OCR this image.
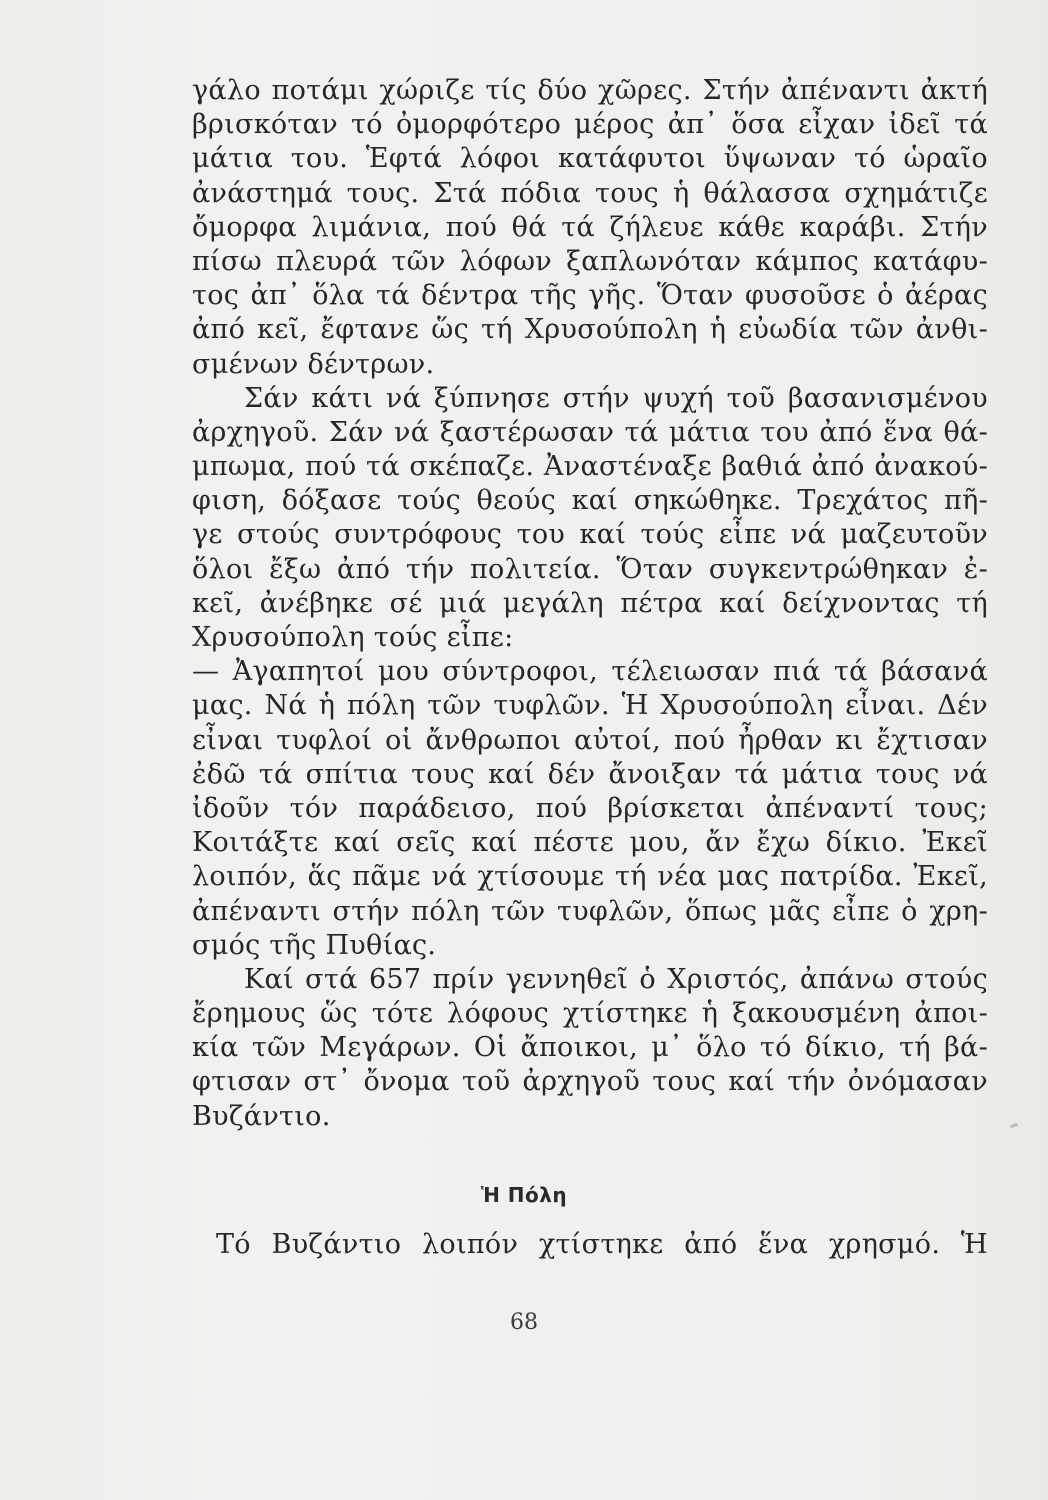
γάλο ποτάμι χώριζε τίς δύο χῶρες. Στήν ἀπέναντι ἀκτή
βρισκόταν τό ὀμορφότερο μέρος ἀπ᾿ ὅσα εἶχαν ἰδεῖ τά
μάτια του. Ἑφτά λόφοι κατάφυτοι ὕψωναν τό ὡραῖο
ἀνάστημά τους. Στά πόδια τους ἡ θάλασσα σχημάτιζε
ὄμορφα λιμάνια, πού θά τά ζήλευε κάθε καράβι. Στήν
πίσω πλευρά τῶν λόφων ξαπλωνόταν κάμπος κατάφυ-
τος ἀπ᾿ ὅλα τά δέντρα τῆς γῆς. Ὅταν φυσοῦσε ὁ ἀέρας
ἀπό κεῖ, ἔφτανε ὥς τή Χρυσούπολη ἡ εὐωδία τῶν ἀνθι-
σμένων δέντρων.
Σάν κάτι νά ξύπνησε στήν ψυχή τοῦ βασανισμένου
ἀρχηγοῦ. Σάν νά ξαστέρωσαν τά μάτια του ἀπό ἕνα θά-
μπωμα, πού τά σκέπαζε. Ἀναστέναξε βαθιά ἀπό ἀνακού-
φιση, δόξασε τούς θεούς καί σηκώθηκε. Τρεχάτος πῆ-
γε στούς συντρόφους του καί τούς εἶπε νά μαζευτοῦν
ὅλοι ἔξω ἀπό τήν πολιτεία. Ὅταν συγκεντρώθηκαν ἐ-
κεῖ, ἀνέβηκε σέ μιά μεγάλη πέτρα καί δείχνοντας τή
Χρυσούπολη τούς εἶπε:
— Ἀγαπητοί μου σύντροφοι, τέλειωσαν πιά τά βάσανά
μας. Νά ἡ πόλη τῶν τυφλῶν. Ἡ Χρυσούπολη εἶναι. Δέν
εἶναι τυφλοί οἱ ἄνθρωποι αὐτοί, πού ἦρθαν κι ἔχτισαν
ἐδῶ τά σπίτια τους καί δέν ἄνοιξαν τά μάτια τους νά
ἰδοῦν τόν παράδεισο, πού βρίσκεται ἀπέναντί τους;
Κοιτάξτε καί σεῖς καί πέστε μου, ἄν ἔχω δίκιο. Ἐκεῖ
λοιπόν, ἅς πᾶμε νά χτίσουμε τή νέα μας πατρίδα. Ἐκεῖ,
ἀπέναντι στήν πόλη τῶν τυφλῶν, ὅπως μᾶς εἶπε ὁ χρη-
σμός τῆς Πυθίας.
Καί στά 657 πρίν γεννηθεῖ ὁ Χριστός, ἀπάνω στούς
ἔρημους ὥς τότε λόφους χτίστηκε ἡ ξακουσμένη ἀποι-
κία τῶν Μεγάρων. Οἱ ἄποικοι, μ᾿ ὅλο τό δίκιο, τή βά-
φτισαν στ᾿ ὄνομα τοῦ ἀρχηγοῦ τους καί τήν ὀνόμασαν
Βυζάντιο.
Ἡ Πόλη
Τό Βυζάντιο λοιπόν χτίστηκε ἀπό ἕνα χρησμό. Ἡ
68
